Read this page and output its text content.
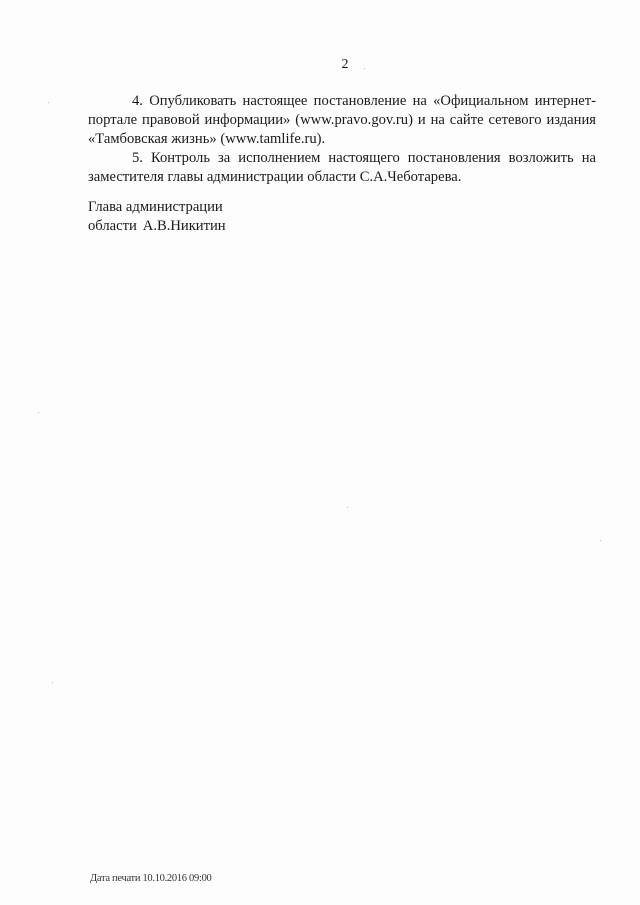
2

4. Опубликовать настоящее постановление на «Официальном интернет-портале правовой информации» (www.pravo.gov.ru) и на сайте сетевого издания «Тамбовская жизнь» (www.tamlife.ru).

5. Контроль за исполнением настоящего постановления возложить на заместителя главы администрации области С.А.Чеботарева.

Глава администрации
области А.В.Никитин
Дата печати 10.10.2016 09:00
